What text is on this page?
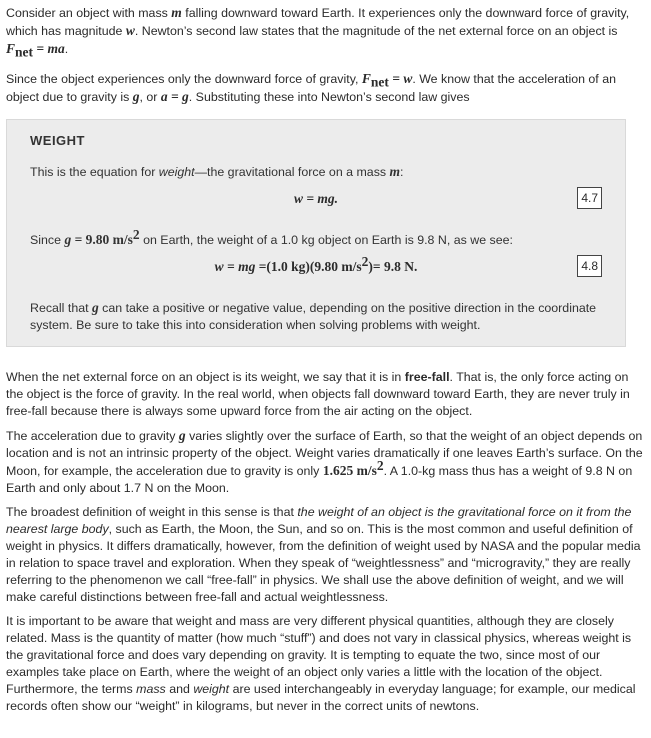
Consider an object with mass m falling downward toward Earth. It experiences only the downward force of gravity, which has magnitude w. Newton’s second law states that the magnitude of the net external force on an object is $F_{net}$ = ma.

Since the object experiences only the downward force of gravity, $F_{net} = w$. We know that the acceleration of an object due to gravity is g, or a = g. Substituting these into Newton’s second law gives

WEIGHT

This is the equation for weight—the gravitational force on a mass m:

w = mg.	4.7

Since g = 9.80 $m/s^2$ on Earth, the weight of a 1.0 kg object on Earth is 9.8 N, as we see:

w = mg =(1.0 kg)(9.80 $m/s^2)= 9.8$ N.	4.8

Recall that g can take a positive or negative value, depending on the positive direction in the coordinate system. Be sure to take this into consideration when solving problems with weight.

When the net external force on an object is its weight, we say that it is in free-fall. That is, the only force acting on the object is the force of gravity. In the real world, when objects fall downward toward Earth, they are never truly in free-fall because there is always some upward force from the air acting on the object.

The acceleration due to gravity g varies slightly over the surface of Earth, so that the weight of an object depends on location and is not an intrinsic property of the object. Weight varies dramatically if one leaves Earth’s surface. On the Moon, for example, the acceleration due to gravity is only 1.625 $m/s^2$. A 1.0-kg mass thus has a weight of 9.8 N on Earth and only about 1.7 N on the Moon.

The broadest definition of weight in this sense is that the weight of an object is the gravitational force on it from the nearest large body, such as Earth, the Moon, the Sun, and so on. This is the most common and useful definition of weight in physics. It differs dramatically, however, from the definition of weight used by NASA and the popular media in relation to space travel and exploration. When they speak of “weightlessness” and “microgravity,” they are really referring to the phenomenon we call “free-fall” in physics. We shall use the above definition of weight, and we will make careful distinctions between free-fall and actual weightlessness.

It is important to be aware that weight and mass are very different physical quantities, although they are closely related. Mass is the quantity of matter (how much “stuff”) and does not vary in classical physics, whereas weight is the gravitational force and does vary depending on gravity. It is tempting to equate the two, since most of our examples take place on Earth, where the weight of an object only varies a little with the location of the object. Furthermore, the terms mass and weight are used interchangeably in everyday language; for example, our medical records often show our “weight” in kilograms, but never in the correct units of newtons.
